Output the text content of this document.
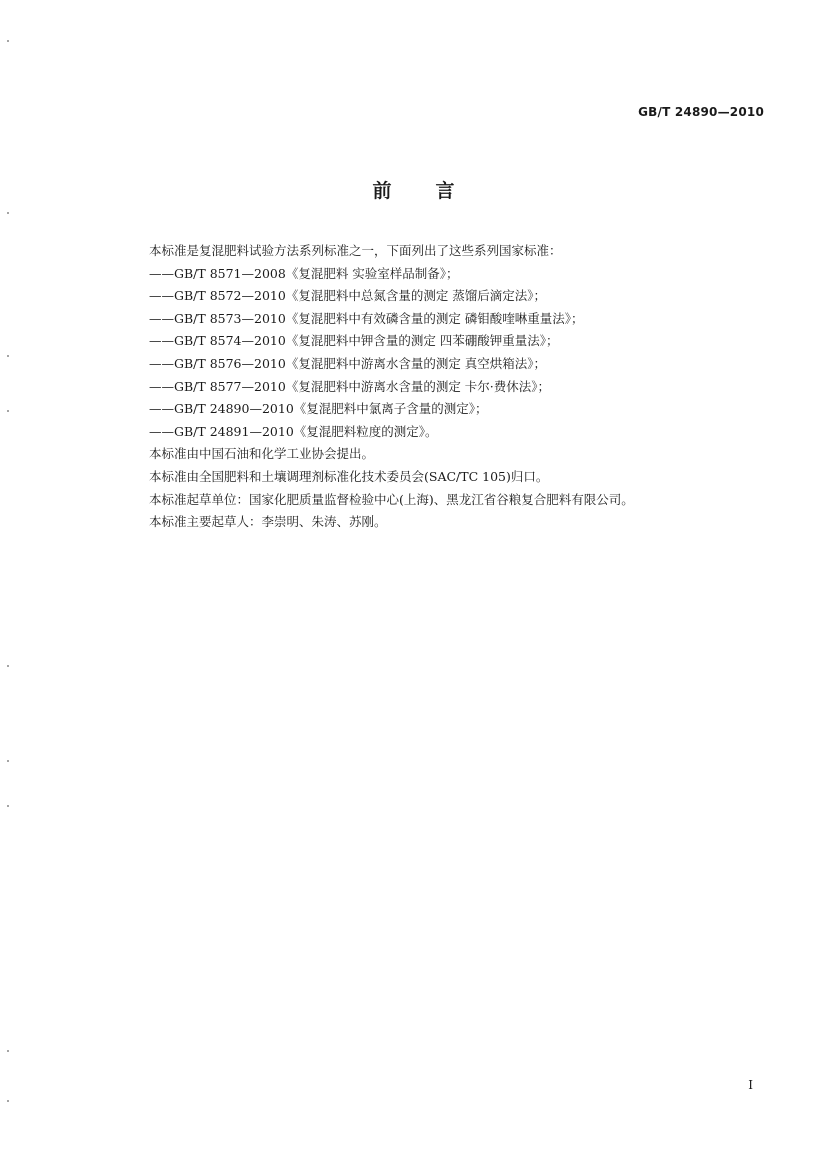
GB/T 24890—2010
前言
本标准是复混肥料试验方法系列标准之一，下面列出了这些系列国家标准：
——GB/T 8571—2008《复混肥料 实验室样品制备》；
——GB/T 8572—2010《复混肥料中总氮含量的测定 蒸馏后滴定法》；
——GB/T 8573—2010《复混肥料中有效磷含量的测定 磷钼酸喹啉重量法》；
——GB/T 8574—2010《复混肥料中钾含量的测定 四苯硼酸钾重量法》；
——GB/T 8576—2010《复混肥料中游离水含量的测定 真空烘箱法》；
——GB/T 8577—2010《复混肥料中游离水含量的测定 卡尔·费休法》；
——GB/T 24890—2010《复混肥料中氯离子含量的测定》；
——GB/T 24891—2010《复混肥料粒度的测定》。
本标准由中国石油和化学工业协会提出。
本标准由全国肥料和土壤调理剂标准化技术委员会(SAC/TC 105)归口。
本标准起草单位：国家化肥质量监督检验中心(上海)、黑龙江省谷粮复合肥料有限公司。
本标准主要起草人：李崇明、朱涛、苏刚。
I
